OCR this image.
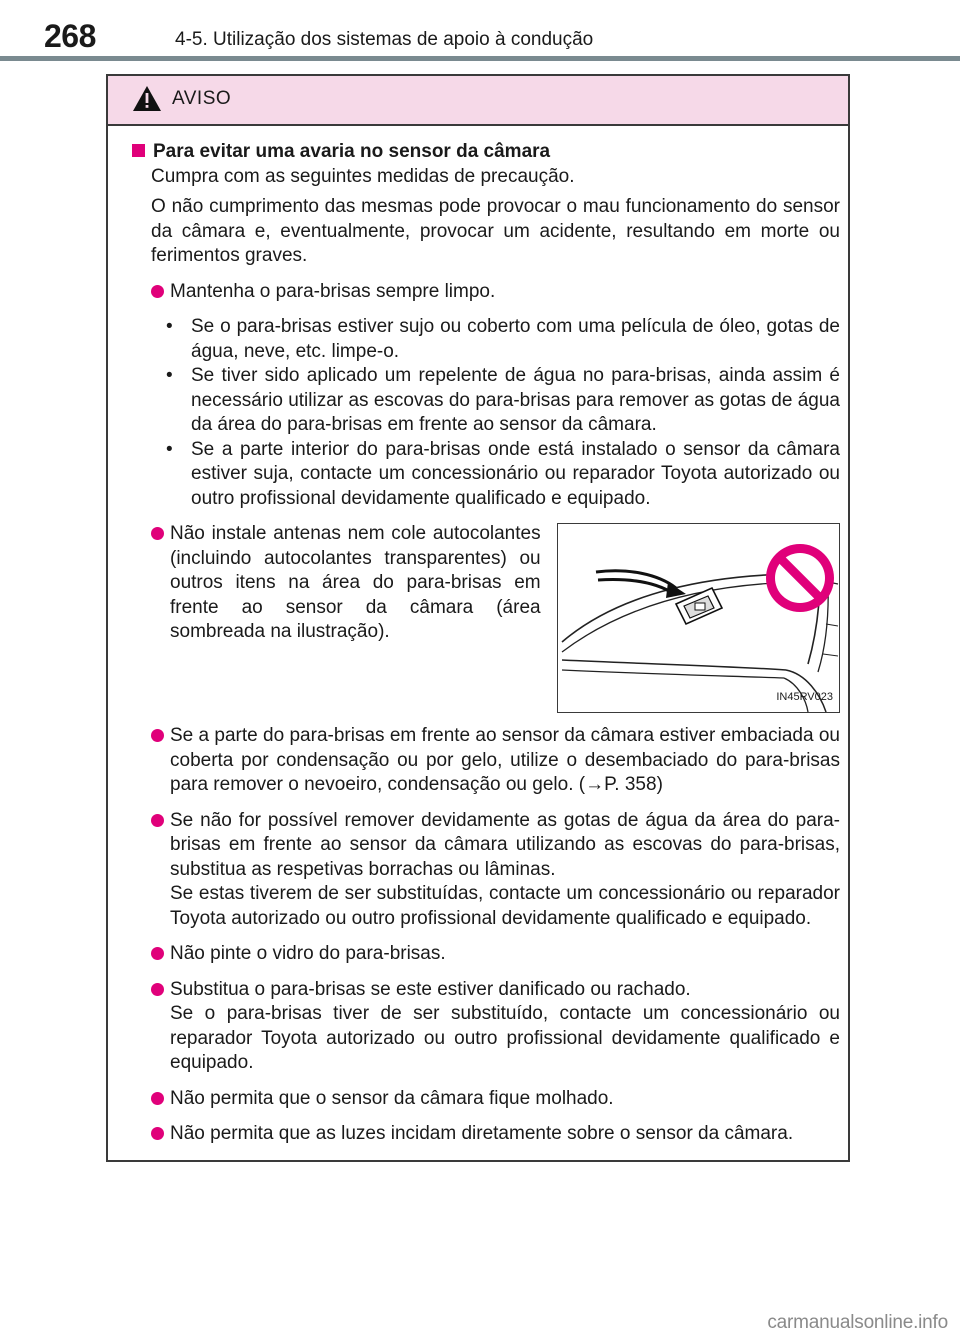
268	4-5. Utilização dos sistemas de apoio à condução
AVISO

Para evitar uma avaria no sensor da câmara

Cumpra com as seguintes medidas de precaução.

O não cumprimento das mesmas pode provocar o mau funcionamento do sensor da câmara e, eventualmente, provocar um acidente, resultando em morte ou ferimentos graves.

Mantenha o para-brisas sempre limpo.

• Se o para-brisas estiver sujo ou coberto com uma película de óleo, gotas de água, neve, etc. limpe-o.

• Se tiver sido aplicado um repelente de água no para-brisas, ainda assim é necessário utilizar as escovas do para-brisas para remover as gotas de água da área do para-brisas em frente ao sensor da câmara.

• Se a parte interior do para-brisas onde está instalado o sensor da câmara estiver suja, contacte um concessionário ou reparador Toyota autorizado ou outro profissional devidamente qualificado e equipado.

Não instale antenas nem cole autocolantes (incluindo autocolantes transparentes) ou outros itens na área do para-brisas em frente ao sensor da câmara (área sombreada na ilustração).
IN45RV023
Se a parte do para-brisas em frente ao sensor da câmara estiver embaciada ou coberta por condensação ou por gelo, utilize o desembaciado do para-brisas para remover o nevoeiro, condensação ou gelo. (→P. 358)
Se não for possível remover devidamente as gotas de água da área do para-brisas em frente ao sensor da câmara utilizando as escovas do para-brisas, substitua as respetivas borrachas ou lâminas.
Se estas tiverem de ser substituídas, contacte um concessionário ou reparador Toyota autorizado ou outro profissional devidamente qualificado e equipado.
Não pinte o vidro do para-brisas.
Substitua o para-brisas se este estiver danificado ou rachado.
Se o para-brisas tiver de ser substituído, contacte um concessionário ou reparador Toyota autorizado ou outro profissional devidamente qualificado e equipado.
Não permita que o sensor da câmara fique molhado.
Não permita que as luzes incidam diretamente sobre o sensor da câmara.
carmanualsonline.info
